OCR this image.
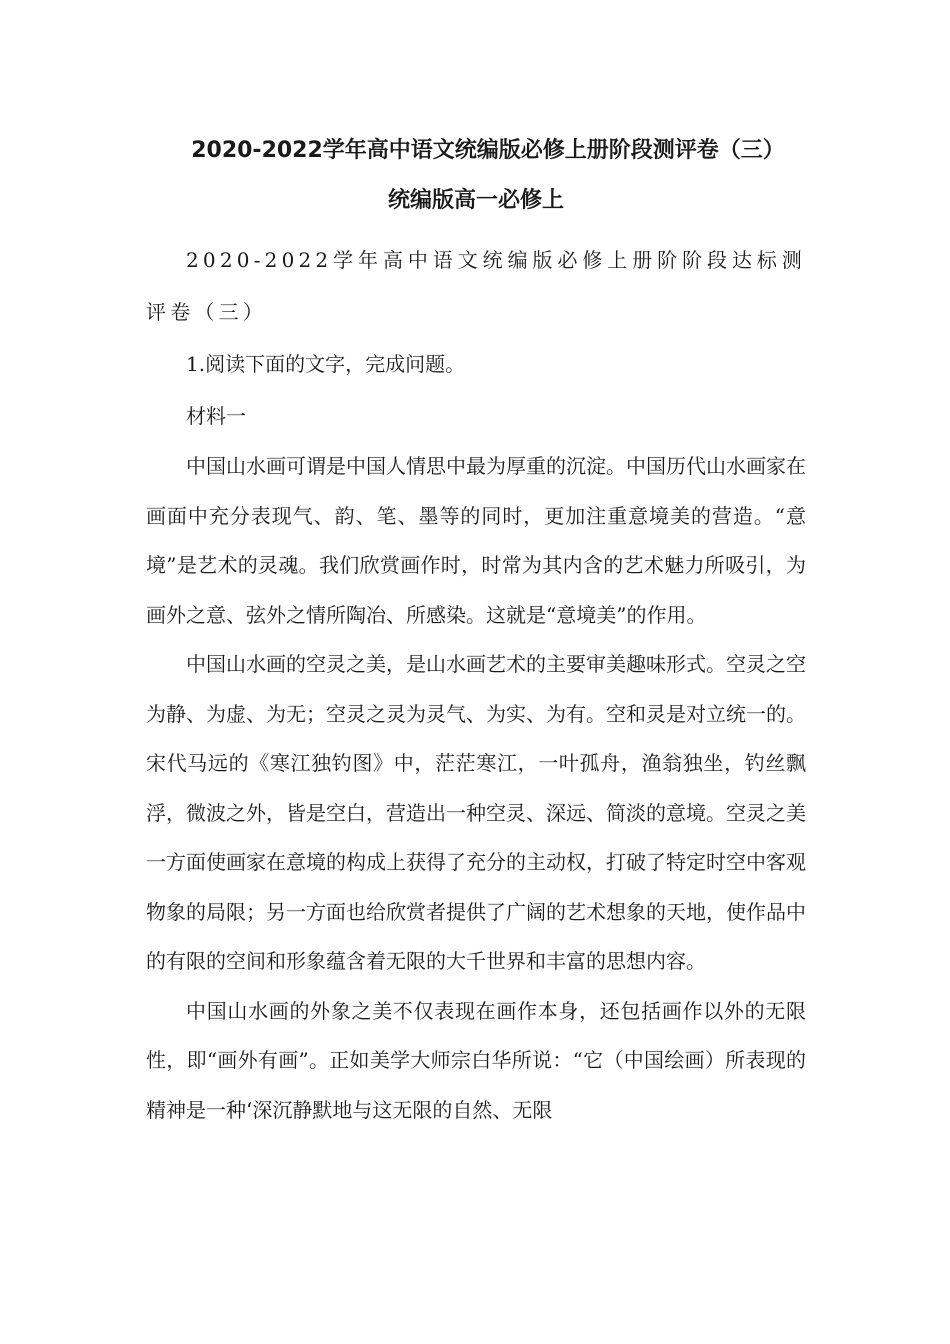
2020-2022学年高中语文统编版必修上册阶段测评卷（三）
统编版高一必修上

2020-2022学年高中语文统编版必修上册阶阶段达标测评卷（三）

1.阅读下面的文字，完成问题。

材料一

中国山水画可谓是中国人情思中最为厚重的沉淀。中国历代山水画家在画面中充分表现气、韵、笔、墨等的同时，更加注重意境美的营造。“意境”是艺术的灵魂。我们欣赏画作时，时常为其内含的艺术魅力所吸引，为画外之意、弦外之情所陶冶、所感染。这就是“意境美”的作用。

中国山水画的空灵之美，是山水画艺术的主要审美趣味形式。空灵之空为静、为虚、为无；空灵之灵为灵气、为实、为有。空和灵是对立统一的。宋代马远的《寒江独钓图》中，茫茫寒江，一叶孤舟，渔翁独坐，钓丝飘浮，微波之外，皆是空白，营造出一种空灵、深远、简淡的意境。空灵之美一方面使画家在意境的构成上获得了充分的主动权，打破了特定时空中客观物象的局限；另一方面也给欣赏者提供了广阔的艺术想象的天地，使作品中的有限的空间和形象蕴含着无限的大千世界和丰富的思想内容。

中国山水画的外象之美不仅表现在画作本身，还包括画作以外的无限性，即“画外有画”。正如美学大师宗白华所说：“它（中国绘画）所表现的精神是一种‘深沉静默地与这无限的自然、无限
